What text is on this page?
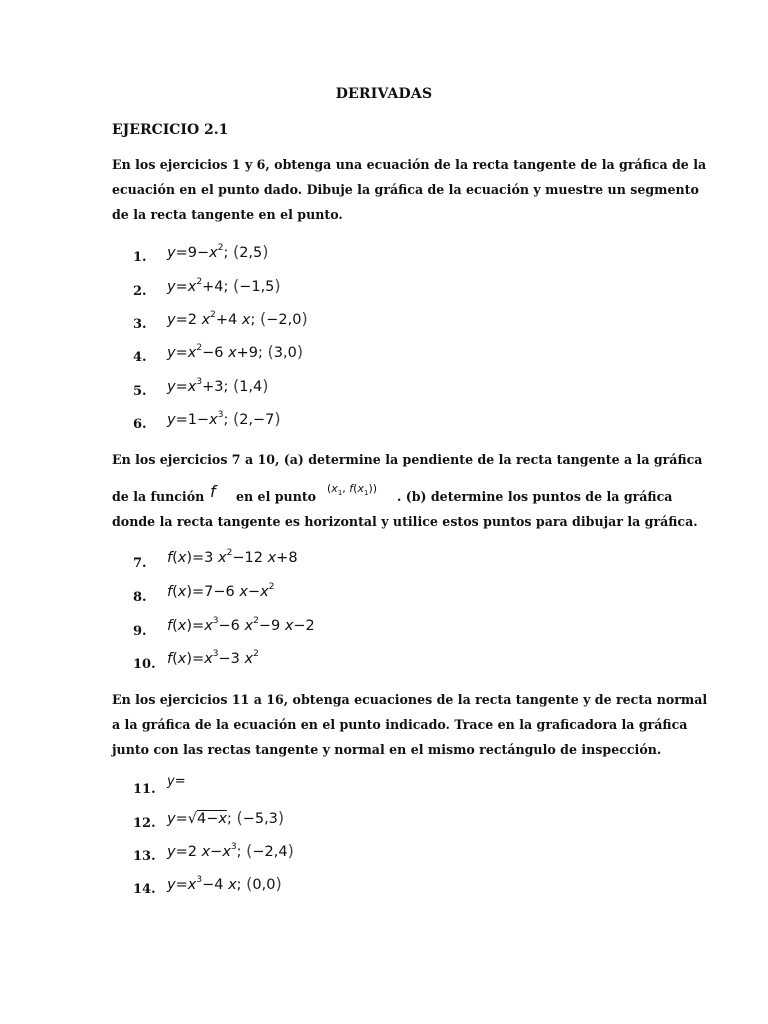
DERIVADAS
EJERCICIO 2.1
En los ejercicios 1 y 6, obtenga una ecuación de la recta tangente de la gráfica de la
ecuación en el punto dado. Dibuje la gráfica de la ecuación y muestre un segmento
de la recta tangente en el punto.
1. $y=9-x^2$; (2,5)
2. $y=x^2+4$; (−1,5)
3. y=2 $x^2+4$ x; (−2,0)
4. $y=x^2-6$ x+9; (3,0)
5. $y=x^3+3$; (1,4)
6. $y=1-x^3$; (2,−7)
En los ejercicios 7 a 10, (a) determine la pendiente de la recta tangente a la gráfica
de la función f en el punto
($x_1$, $f(x_1)$)
. (b) determine los puntos de la gráfica
donde la recta tangente es horizontal y utilice estos puntos para dibujar la gráfica.
7. f(x)=3 $x^2-12$ x+8
8. f(x)=7−6 $x-x^2$
9. $f(x)=x^3-6$ $x^2-9$ x−2
10. $f(x)=x^3-3$ $x^2$
En los ejercicios 11 a 16, obtenga ecuaciones de la recta tangente y de recta normal
a la gráfica de la ecuación en el punto indicado. Trace en la graficadora la gráfica
junto con las rectas tangente y normal en el mismo rectángulo de inspección.
11.
y=
12. y=√4−x; (−5,3)
13. y=2 $x-x^3$; (−2,4)
14. $y=x^3-4$ x; (0,0)
